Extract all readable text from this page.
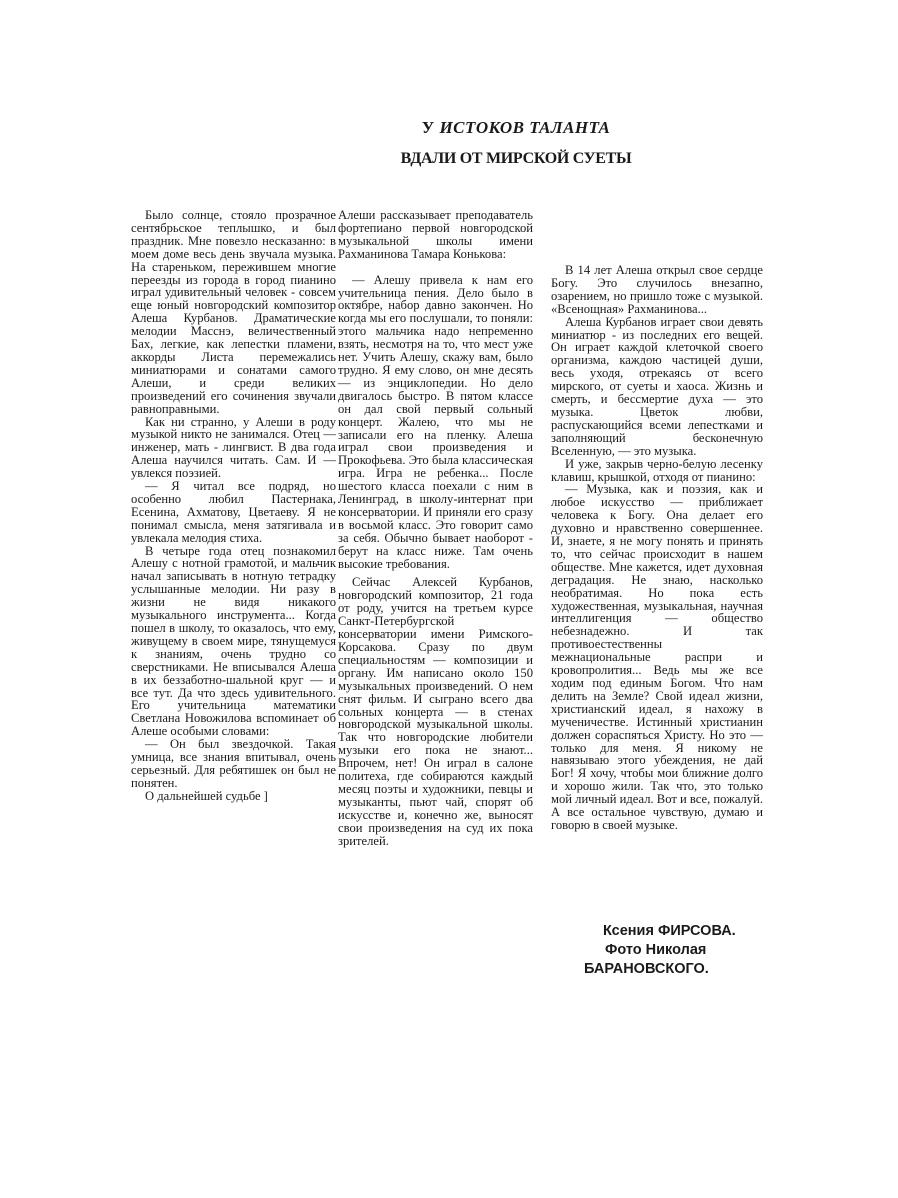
У ИСТОКОВ ТАЛАНТА
ВДАЛИ ОТ МИРСКОЙ СУЕТЫ

Было солнце, стояло прозрачное сентябрьское теплышко, и был праздник. Мне повезло несказанно: в моем доме весь день звучала музыка. На стареньком, пережившем многие переезды из города в город пианино играл удивительный человек - совсем еще юный новгородский композитор Алеша Курбанов. Драматические мелодии Масснэ, величественный Бах, легкие, как лепестки пламени, аккорды Листа перемежались миниатюрами и сонатами самого Алеши, и среди великих произведений его сочинения звучали равноправными.

Как ни странно, у Алеши в роду музыкой никто не занимался. Отец — инженер, мать - лингвист. В два года Алеша научился читать. Сам. И — увлекся поэзией.

— Я читал все подряд, но особенно любил Пастернака, Есенина, Ахматову, Цветаеву. Я не понимал смысла, меня затягивала и увлекала мелодия стиха.

В четыре года отец познакомил Алешу с нотной грамотой, и мальчик начал записывать в нотную тетрадку услышанные мелодии. Ни разу в жизни не видя никакого музыкального инструмента... Когда пошел в школу, то оказалось, что ему, живущему в своем мире, тянущемуся к знаниям, очень трудно со сверстниками. Не вписывался Алеша в их беззаботно-шальной круг — и все тут. Да что здесь удивительного. Его учительница математики Светлана Новожилова вспоминает об Алеше особыми словами:

— Он был звездочкой. Такая умница, все знания впитывал, очень серьезный. Для ребятишек он был не понятен.

О дальнейшей судьбе ]

Алеши рассказывает преподаватель фортепиано первой новгородской музыкальной школы имени Рахманинова Тамара Конькова:

— Алешу привела к нам его учительница пения. Дело было в октябре, набор давно закончен. Но когда мы его послушали, то поняли: этого мальчика надо непременно взять, несмотря на то, что мест уже нет. Учить Алешу, скажу вам, было трудно. Я ему слово, он мне десять — из энциклопедии. Но дело двигалось быстро. В пятом классе он дал свой первый сольный концерт. Жалею, что мы не записали его на пленку. Алеша играл свои произведения и Прокофьева. Это была классическая игра. Игра не ребенка... После шестого класса поехали с ним в Ленинград, в школу-интернат при консерватории. И приняли его сразу в восьмой класс. Это говорит само за себя. Обычно бывает наоборот - берут на класс ниже. Там очень высокие требования.

Сейчас Алексей Курбанов, новгородский композитор, 21 года от роду, учится на третьем курсе Санкт-Петербургской консерватории имени Римского-Корсакова. Сразу по двум специальностям — композиции и органу. Им написано около 150 музыкальных произведений. О нем снят фильм. И сыграно всего два сольных концерта — в стенах новгородской музыкальной школы. Так что новгородские любители музыки его пока не знают... Впрочем, нет! Он играл в салоне политеха, где собираются каждый месяц поэты и художники, певцы и музыканты, пьют чай, спорят об искусстве и, конечно же, выносят свои произведения на суд их пока зрителей.

В 14 лет Алеша открыл свое сердце Богу. Это случилось внезапно, озарением, но пришло тоже с музыкой. «Всенощная» Рахманинова...

Алеша Курбанов играет свои девять миниатюр - из последних его вещей. Он играет каждой клеточкой своего организма, каждою частицей души, весь уходя, отрекаясь от всего мирского, от суеты и хаоса. Жизнь и смерть, и бессмертие духа — это музыка. Цветок любви, распускающийся всеми лепестками и заполняющий бесконечную Вселенную, — это музыка.

И уже, закрыв черно-белую лесенку клавиш, крышкой, отходя от пианино:

— Музыка, как и поэзия, как и любое искусство — приближает человека к Богу. Она делает его духовно и нравственно совершеннее. И, знаете, я не могу понять и принять то, что сейчас происходит в нашем обществе. Мне кажется, идет духовная деградация. Не знаю, насколько необратимая. Но пока есть художественная, музыкальная, научная интеллигенция — общество небезнадежно. И так противоестественны межнациональные распри и кровопролития... Ведь мы же все ходим под единым Богом. Что нам делить на Земле? Свой идеал жизни, христианский идеал, я нахожу в мученичестве. Истинный христианин должен сораспяться Христу. Но это — только для меня. Я никому не навязываю этого убеждения, не дай Бог! Я хочу, чтобы мои ближние долго и хорошо жили. Так что, это только мой личный идеал. Вот и все, пожалуй. А все остальное чувствую, думаю и говорю в своей музыке.

Ксения ФИРСОВА.
Фото Николая
БАРАНОВСКОГО.
